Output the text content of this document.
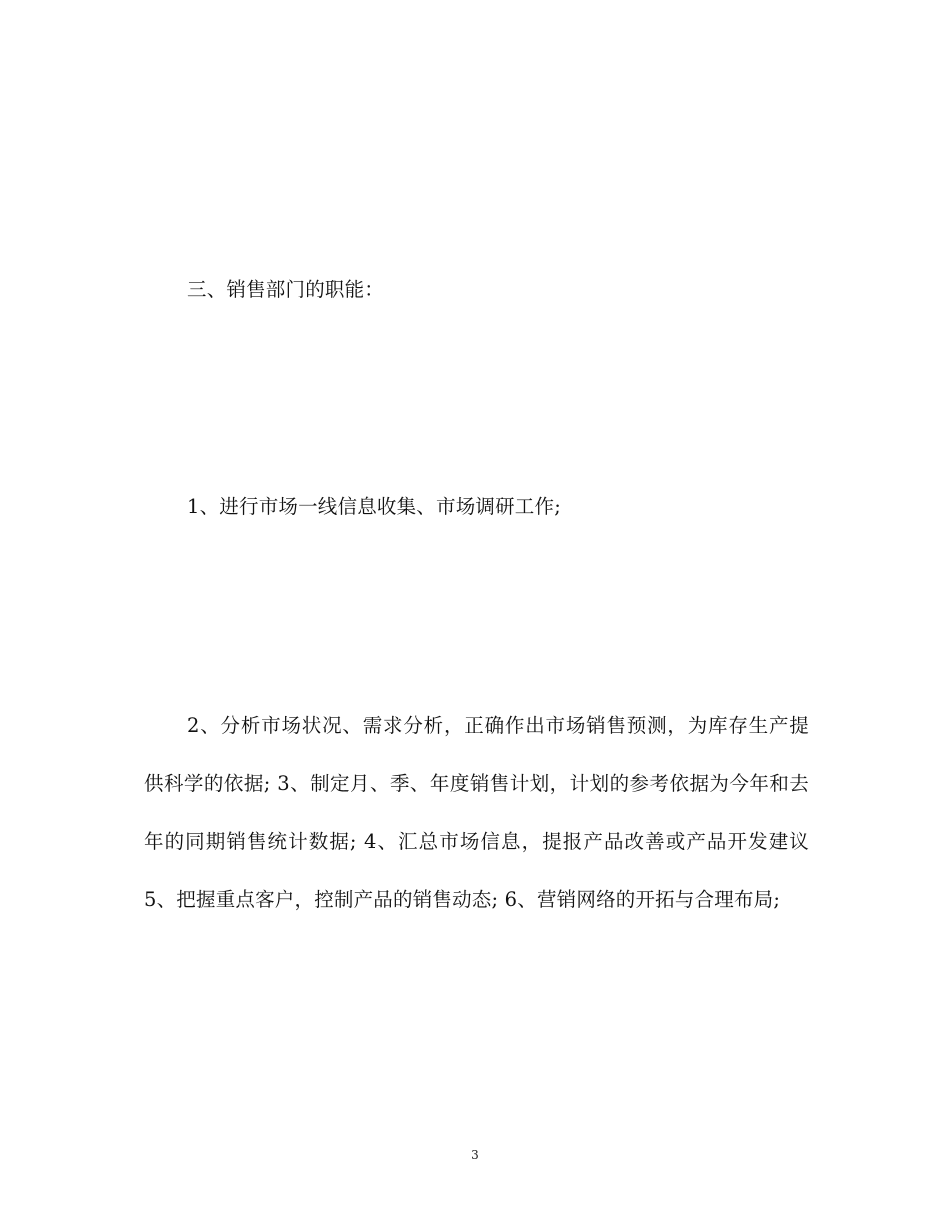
三、销售部门的职能：

1、进行市场一线信息收集、市场调研工作;

2、分析市场状况、需求分析，正确作出市场销售预测，为库存生产提供科学的依据; 3、制定月、季、年度销售计划，计划的参考依据为今年和去年的同期销售统计数据; 4、汇总市场信息，提报产品改善或产品开发建议 5、把握重点客户，控制产品的销售动态; 6、营销网络的开拓与合理布局;

3
